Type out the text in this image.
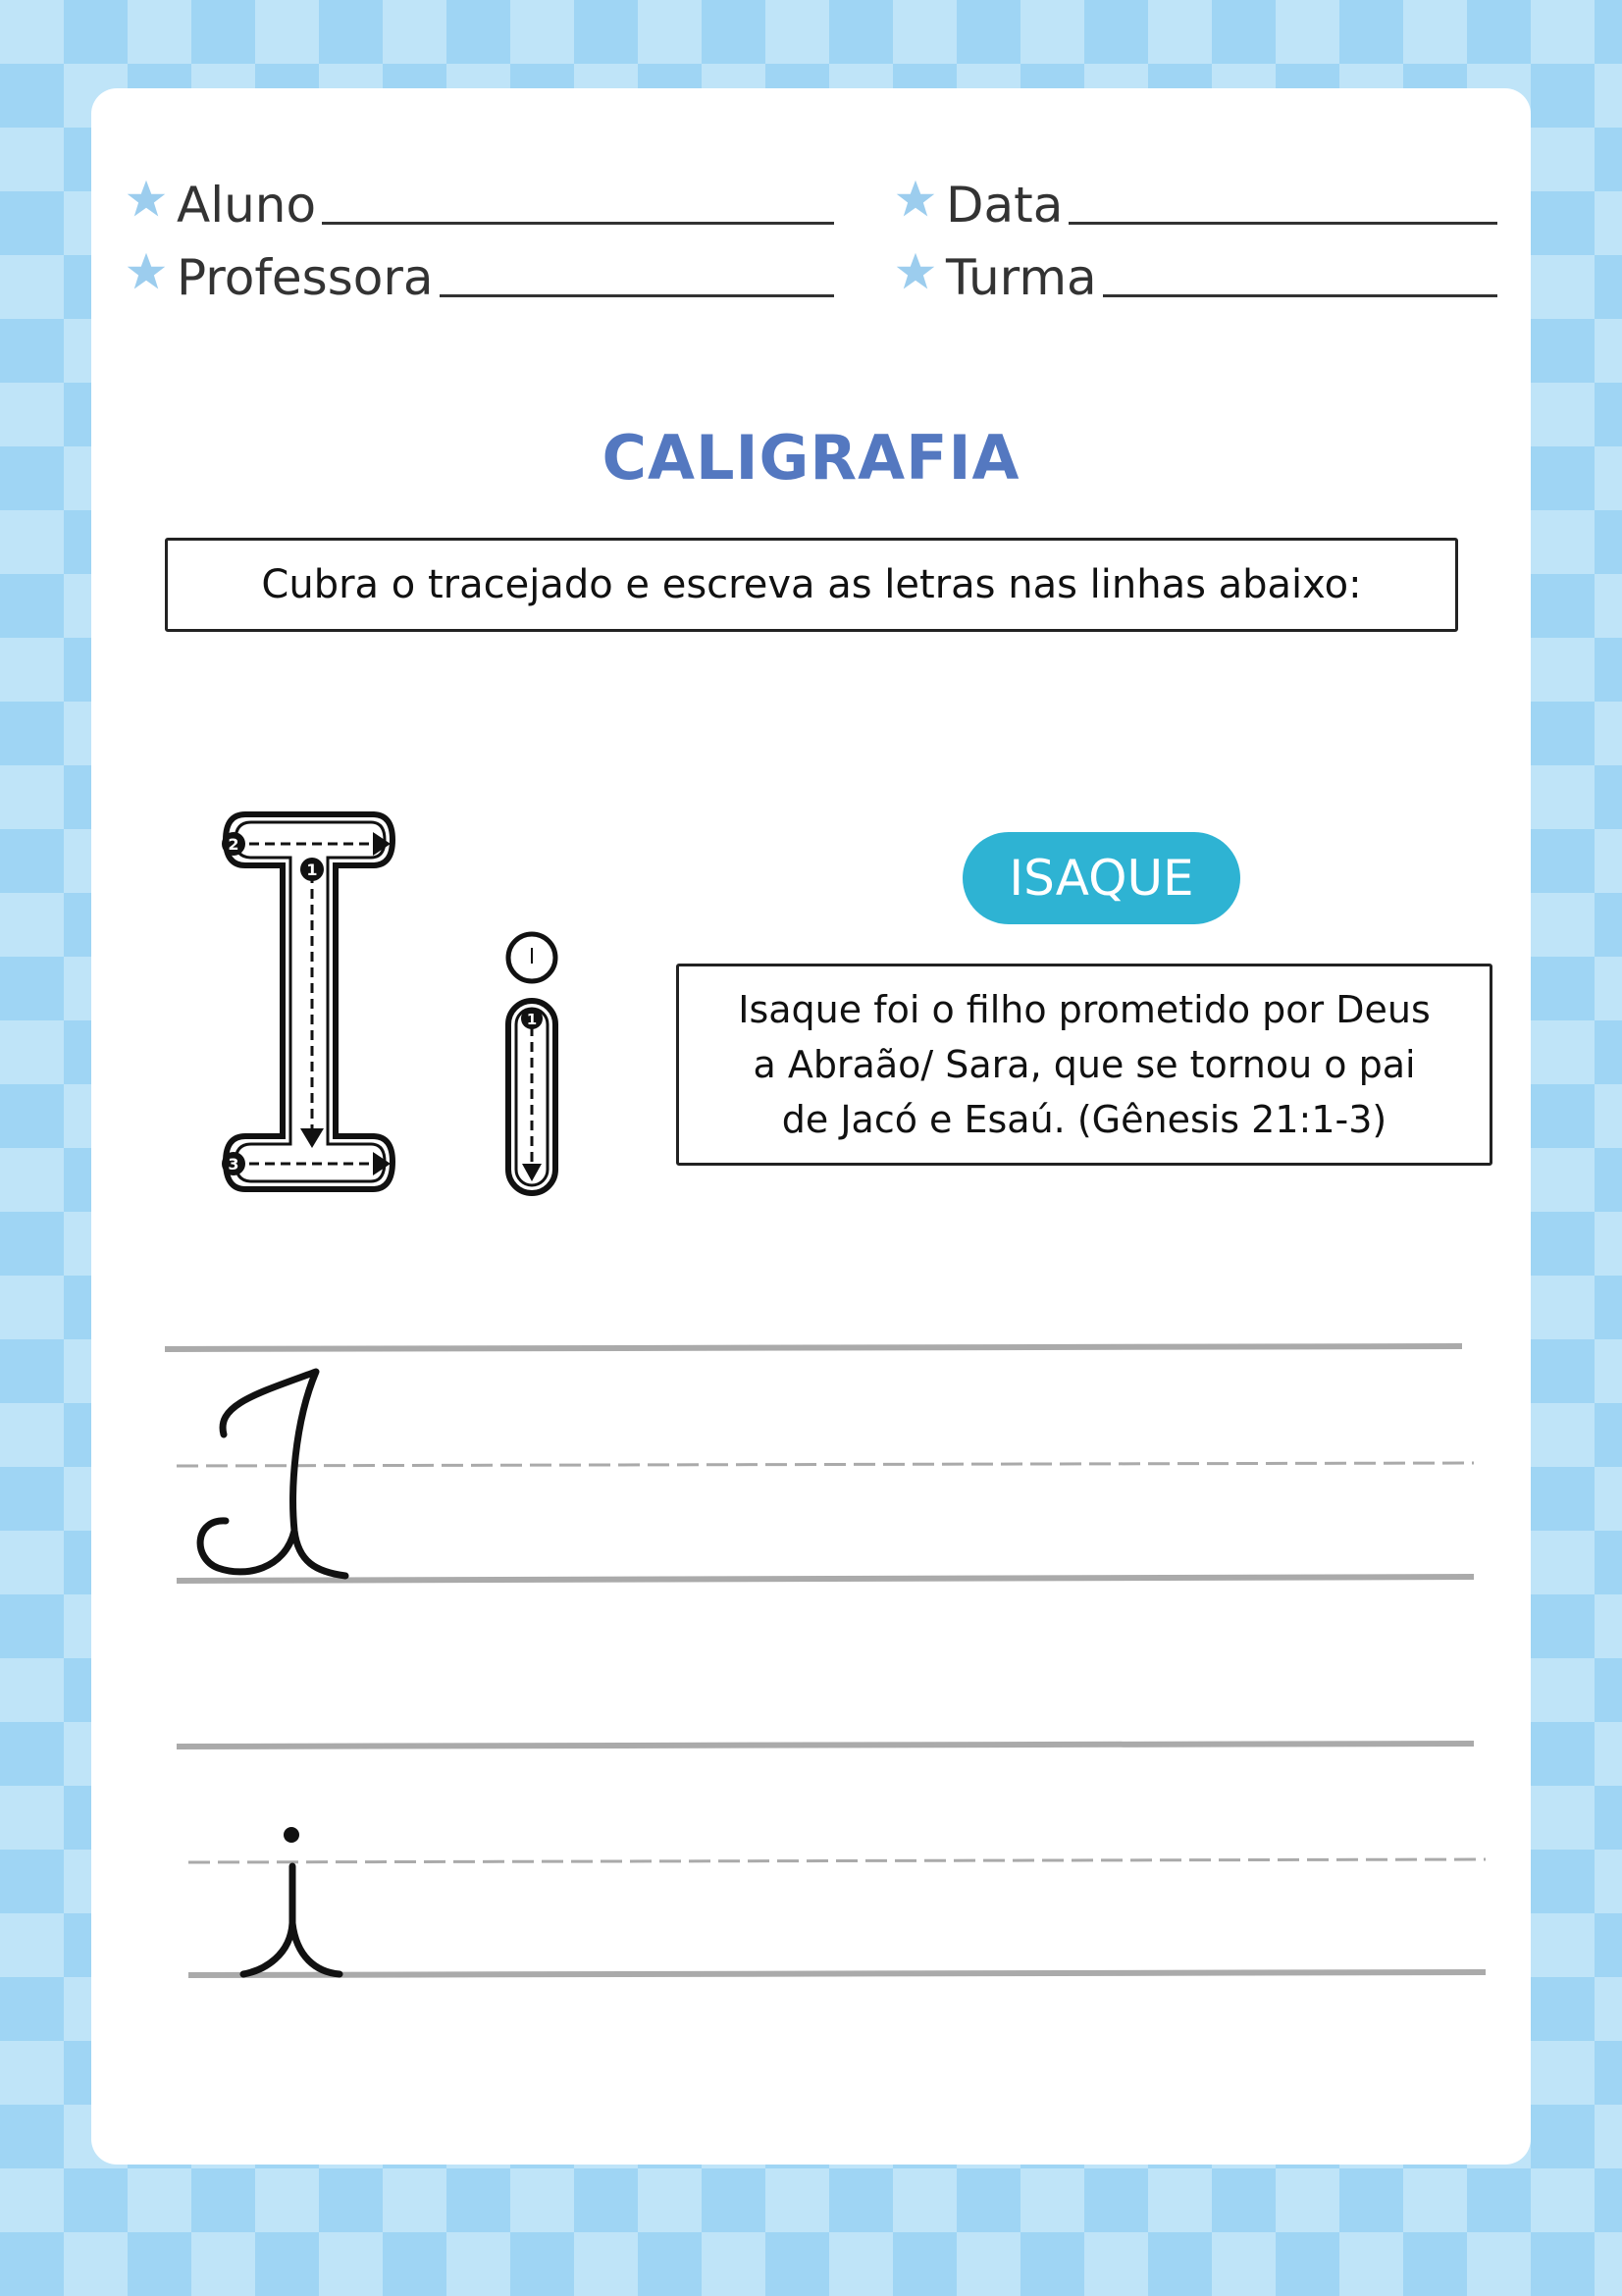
Aluno
Professora
Data
Turma
CALIGRAFIA
Cubra o tracejado e escreva as letras nas linhas abaixo:
1
2
3
1
ISAQUE
Isaque foi o filho prometido por Deus
a Abraão/ Sara, que se tornou o pai
de Jacó e Esaú. (Gênesis 21:1-3)
